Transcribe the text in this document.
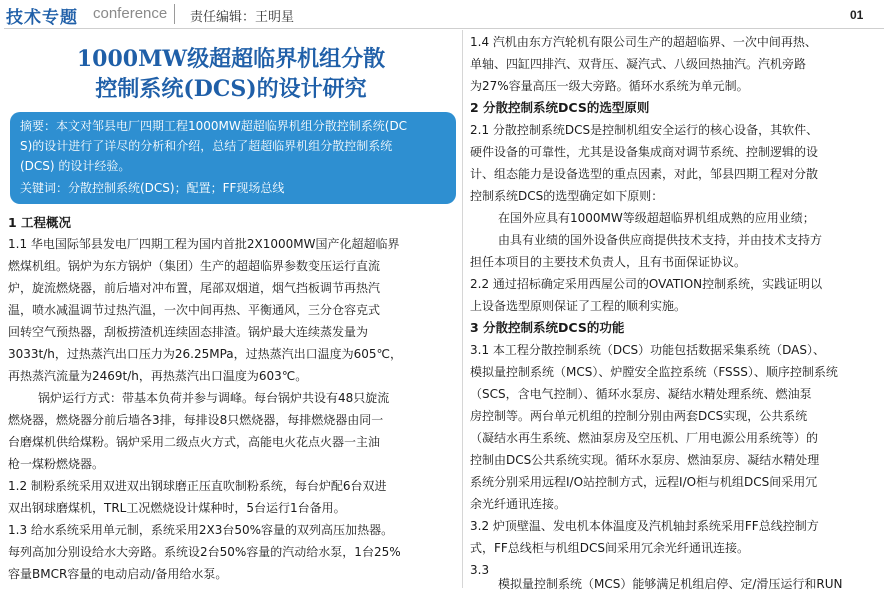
技术专题 conference 责任编辑：王明星	01
1000MW级超超临界机组分散
控制系统(DCS)的设计研究
摘要：本文对邹县电厂四期工程1000MW超超临界机组分散控制系统(DC
S)的设计进行了详尽的分析和介绍，总结了超超临界机组分散控制系统
(DCS) 的设计经验。
关键词：分散控制系统(DCS)；配置；FF现场总线
1 工程概况
1.1 华电国际邹县发电厂四期工程为国内首批2X1000MW国产化超超临界
燃煤机组。锅炉为东方锅炉（集团）生产的超超临界参数变压运行直流
炉，旋流燃烧器，前后墙对冲布置，尾部双烟道，烟气挡板调节再热汽
温，喷水减温调节过热汽温，一次中间再热、平衡通风，三分仓容克式
回转空气预热器，刮板捞渣机连续固态排渣。锅炉最大连续蒸发量为
3033t/h，过热蒸汽出口压力为26.25MPa，过热蒸汽出口温度为605℃，
再热蒸汽流量为2469t/h，再热蒸汽出口温度为603℃。
锅炉运行方式：带基本负荷并参与调峰。每台锅炉共设有48只旋流
燃烧器，燃烧器分前后墙各3排，每排设8只燃烧器，每排燃烧器由同一
台磨煤机供给煤粉。锅炉采用二级点火方式，高能电火花点火器一主油
枪一煤粉燃烧器。
1.2 制粉系统采用双进双出钢球磨正压直吹制粉系统，每台炉配6台双进
双出钢球磨煤机，TRL工况燃烧设计煤种时，5台运行1台备用。
1.3 给水系统采用单元制，系统采用2X3台50%容量的双列高压加热器。
每列高加分别设给水大旁路。系统设2台50%容量的汽动给水泵，1台25%
容量BMCR容量的电动启动/备用给水泵。
1.4 汽机由东方汽轮机有限公司生产的超超临界、一次中间再热、
单轴、四缸四排汽、双背压、凝汽式、八级回热抽汽。汽机旁路
为27%容量高压一级大旁路。循环水系统为单元制。
2 分散控制系统DCS的选型原则
2.1 分散控制系统DCS是控制机组安全运行的核心设备，其软件、
硬件设备的可靠性，尤其是设备集成商对调节系统、控制逻辑的设
计、组态能力是设备选型的重点因素，对此，邹县四期工程对分散
控制系统DCS的选型确定如下原则：
在国外应具有1000MW等级超超临界机组成熟的应用业绩；
由具有业绩的国外设备供应商提供技术支持，并由技术支持方
担任本项目的主要技术负责人，且有书面保证协议。
2.2 通过招标确定采用西屋公司的OVATION控制系统，实践证明以
上设备选型原则保证了工程的顺利实施。
3 分散控制系统DCS的功能
3.1 本工程分散控制系统（DCS）功能包括数据采集系统（DAS）、
模拟量控制系统（MCS）、炉膛安全监控系统（FSSS）、顺序控制系统
（SCS，含电气控制）、循环水泵房、凝结水精处理系统、燃油泵
房控制等。两台单元机组的控制分别由两套DCS实现，公共系统
（凝结水再生系统、燃油泵房及空压机、厂用电源公用系统等）的
控制由DCS公共系统实现。循环水泵房、燃油泵房、凝结水精处理
系统分别采用远程I/O站控制方式，远程I/O柜与机组DCS间采用冗
余光纤通讯连接。
3.2 炉顶壁温、发电机本体温度及汽机轴封系统采用FF总线控制方
式，FF总线柜与机组DCS间采用冗余光纤通讯连接。
3.3
模拟量控制系统（MCS）能够满足机组启停、定/滑压运行和RUN
